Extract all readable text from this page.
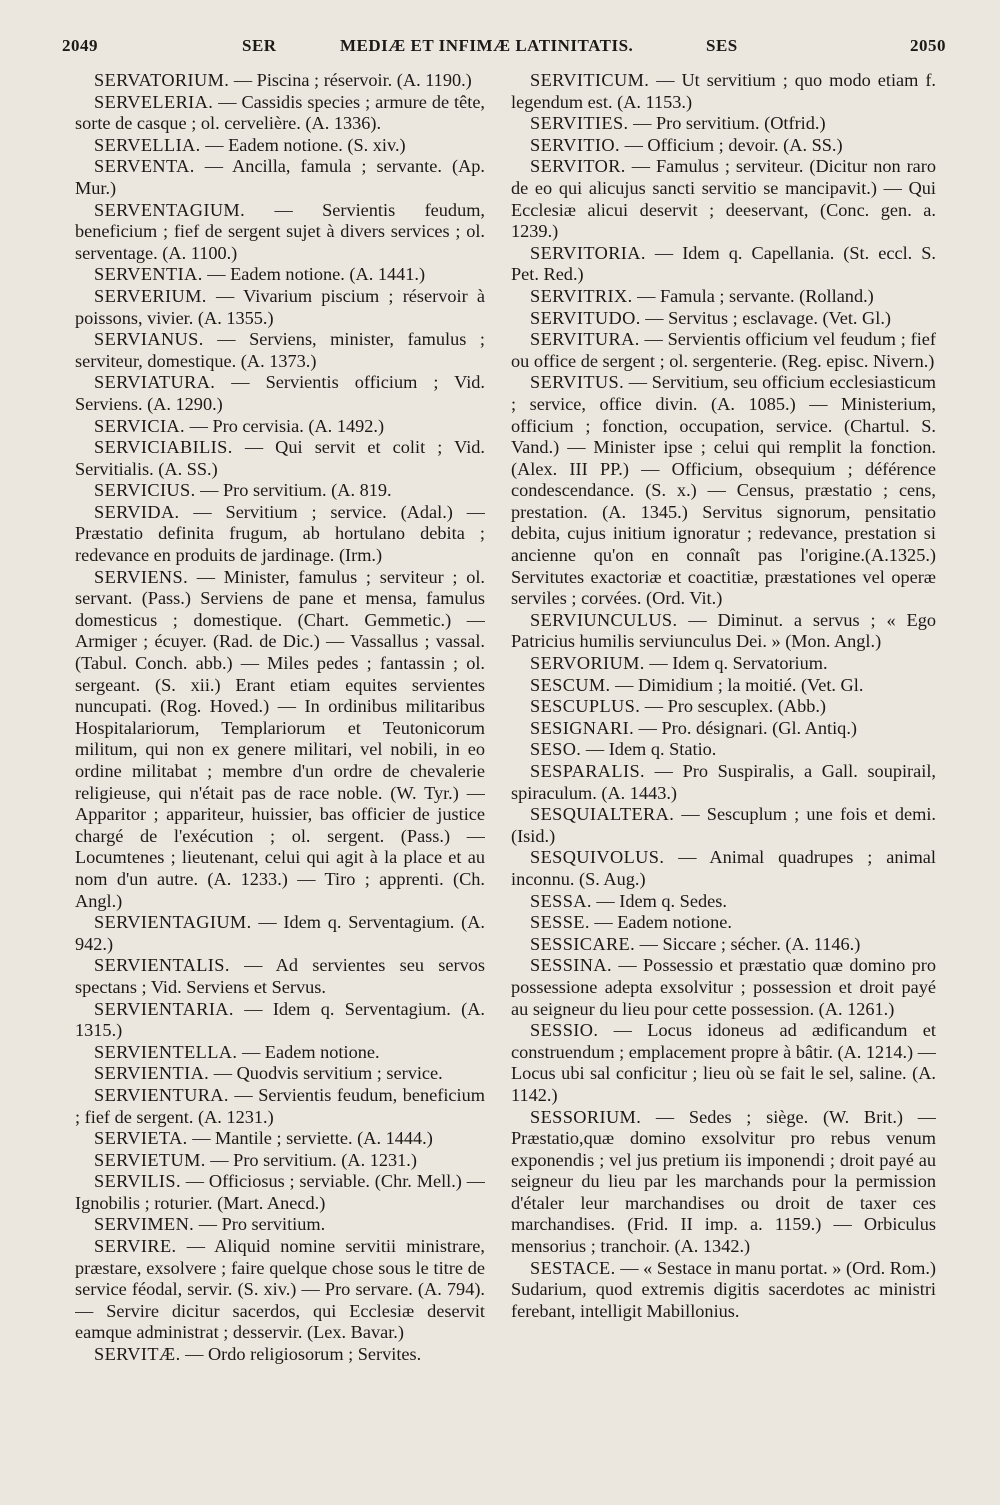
2049	SER	MEDIÆ ET INFIMÆ LATINITATIS.	SES	2050

SERVATORIUM. — Piscina ; réservoir. (A. 1190.)

SERVELERIA. — Cassidis species ; armure de tête, sorte de casque ; ol. cervelière. (A. 1336).

SERVELLIA. — Eadem notione. (S. xiv.)

SERVENTA. — Ancilla, famula ; servante. (Ap. Mur.)

SERVENTAGIUM. — Servientis feudum, beneficium ; fief de sergent sujet à divers services ; ol. serventage. (A. 1100.)

SERVENTIA. — Eadem notione. (A. 1441.)

SERVERIUM. — Vivarium piscium ; réservoir à poissons, vivier. (A. 1355.)

SERVIANUS. — Serviens, minister, famulus ; serviteur, domestique. (A. 1373.)

SERVIATURA. — Servientis officium ; Vid. Serviens. (A. 1290.)

SERVICIA. — Pro cervisia. (A. 1492.)

SERVICIABILIS. — Qui servit et colit ; Vid. Servitialis. (A. SS.)

SERVICIUS. — Pro servitium. (A. 819.

SERVIDA. — Servitium ; service. (Adal.) — Præstatio definita frugum, ab hortulano debita ; redevance en produits de jardinage. (Irm.)

SERVIENS. — Minister, famulus ; serviteur ; ol. servant. (Pass.) Serviens de pane et mensa, famulus domesticus ; domestique. (Chart. Gemmetic.) — Armiger ; écuyer. (Rad. de Dic.) — Vassallus ; vassal. (Tabul. Conch. abb.) — Miles pedes ; fantassin ; ol. sergeant. (S. xii.) Erant etiam equites servientes nuncupati. (Rog. Hoved.) — In ordinibus militaribus Hospitalariorum, Templariorum et Teutonicorum militum, qui non ex genere militari, vel nobili, in eo ordine militabat ; membre d'un ordre de chevalerie religieuse, qui n'était pas de race noble. (W. Tyr.) — Apparitor ; appariteur, huissier, bas officier de justice chargé de l'exécution ; ol. sergent. (Pass.) — Locumtenes ; lieutenant, celui qui agit à la place et au nom d'un autre. (A. 1233.) — Tiro ; apprenti. (Ch. Angl.)

SERVIENTAGIUM. — Idem q. Serventagium. (A. 942.)

SERVIENTALIS. — Ad servientes seu servos spectans ; Vid. Serviens et Servus.

SERVIENTARIA. — Idem q. Serventagium. (A. 1315.)

SERVIENTELLA. — Eadem notione.

SERVIENTIA. — Quodvis servitium ; service.

SERVIENTURA. — Servientis feudum, beneficium ; fief de sergent. (A. 1231.)

SERVIETA. — Mantile ; serviette. (A. 1444.)

SERVIETUM. — Pro servitium. (A. 1231.)

SERVILIS. — Officiosus ; serviable. (Chr. Mell.) — Ignobilis ; roturier. (Mart. Anecd.)

SERVIMEN. — Pro servitium.

SERVIRE. — Aliquid nomine servitii ministrare, præstare, exsolvere ; faire quelque chose sous le titre de service féodal, servir. (S. xiv.) — Pro servare. (A. 794). — Servire dicitur sacerdos, qui Ecclesiæ deservit eamque administrat ; desservir. (Lex. Bavar.)

SERVITÆ. — Ordo religiosorum ; Servites.

SERVITICUM. — Ut servitium ; quo modo etiam f. legendum est. (A. 1153.)

SERVITIES. — Pro servitium. (Otfrid.)

SERVITIO. — Officium ; devoir. (A. SS.)

SERVITOR. — Famulus ; serviteur. (Dicitur non raro de eo qui alicujus sancti servitio se mancipavit.) — Qui Ecclesiæ alicui deservit ; deeservant, (Conc. gen. a. 1239.)

SERVITORIA. — Idem q. Capellania. (St. eccl. S. Pet. Red.)

SERVITRIX. — Famula ; servante. (Rolland.)

SERVITUDO. — Servitus ; esclavage. (Vet. Gl.)

SERVITURA. — Servientis officium vel feudum ; fief ou office de sergent ; ol. sergenterie. (Reg. episc. Nivern.)

SERVITUS. — Servitium, seu officium ecclesiasticum ; service, office divin. (A. 1085.) — Ministerium, officium ; fonction, occupation, service. (Chartul. S. Vand.) — Minister ipse ; celui qui remplit la fonction. (Alex. III PP.) — Officium, obsequium ; déférence condescendance. (S. x.) — Census, præstatio ; cens, prestation. (A. 1345.) Servitus signorum, pensitatio debita, cujus initium ignoratur ; redevance, prestation si ancienne qu'on en connaît pas l'origine.(A.1325.) Servitutes exactoriæ et coactitiæ, præstationes vel operæ serviles ; corvées. (Ord. Vit.)

SERVIUNCULUS. — Diminut. a servus ; « Ego Patricius humilis serviunculus Dei. » (Mon. Angl.)

SERVORIUM. — Idem q. Servatorium.

SESCUM. — Dimidium ; la moitié. (Vet. Gl.

SESCUPLUS. — Pro sescuplex. (Abb.)

SESIGNARI. — Pro. désignari. (Gl. Antiq.)

SESO. — Idem q. Statio.

SESPARALIS. — Pro Suspiralis, a Gall. soupirail, spiraculum. (A. 1443.)

SESQUIALTERA. — Sescuplum ; une fois et demi. (Isid.)

SESQUIVOLUS. — Animal quadrupes ; animal inconnu. (S. Aug.)

SESSA. — Idem q. Sedes.

SESSE. — Eadem notione.

SESSICARE. — Siccare ; sécher. (A. 1146.)

SESSINA. — Possessio et præstatio quæ domino pro possessione adepta exsolvitur ; possession et droit payé au seigneur du lieu pour cette possession. (A. 1261.)

SESSIO. — Locus idoneus ad ædificandum et construendum ; emplacement propre à bâtir. (A. 1214.) — Locus ubi sal conficitur ; lieu où se fait le sel, saline. (A. 1142.)

SESSORIUM. — Sedes ; siège. (W. Brit.) — Præstatio,quæ domino exsolvitur pro rebus venum exponendis ; vel jus pretium iis imponendi ; droit payé au seigneur du lieu par les marchands pour la permission d'étaler leur marchandises ou droit de taxer ces marchandises. (Frid. II imp. a. 1159.) — Orbiculus mensorius ; tranchoir. (A. 1342.)

SESTACE. — « Sestace in manu portat. » (Ord. Rom.) Sudarium, quod extremis digitis sacerdotes ac ministri ferebant, intelligit Mabillonius.
